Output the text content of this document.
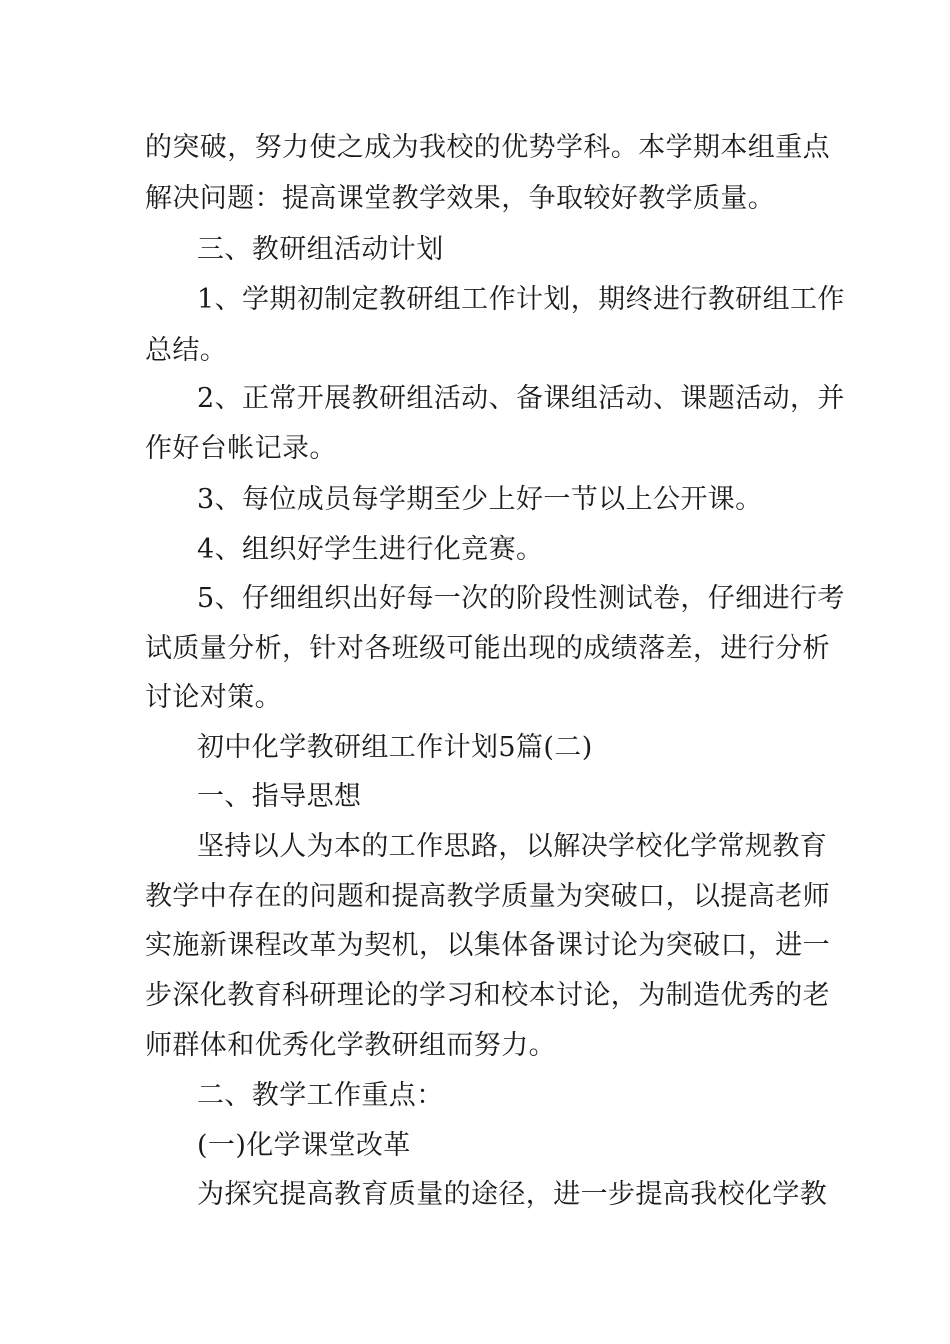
的突破，努力使之成为我校的优势学科。本学期本组重点
解决问题：提高课堂教学效果，争取较好教学质量。
三、教研组活动计划
1、学期初制定教研组工作计划，期终进行教研组工作
总结。
2、正常开展教研组活动、备课组活动、课题活动，并
作好台帐记录。
3、每位成员每学期至少上好一节以上公开课。
4、组织好学生进行化竞赛。
5、仔细组织出好每一次的阶段性测试卷，仔细进行考
试质量分析，针对各班级可能出现的成绩落差，进行分析
讨论对策。
初中化学教研组工作计划5篇(二)
一、指导思想
坚持以人为本的工作思路，以解决学校化学常规教育
教学中存在的问题和提高教学质量为突破口，以提高老师
实施新课程改革为契机，以集体备课讨论为突破口，进一
步深化教育科研理论的学习和校本讨论，为制造优秀的老
师群体和优秀化学教研组而努力。
二、教学工作重点：
(一)化学课堂改革
为探究提高教育质量的途径，进一步提高我校化学教
